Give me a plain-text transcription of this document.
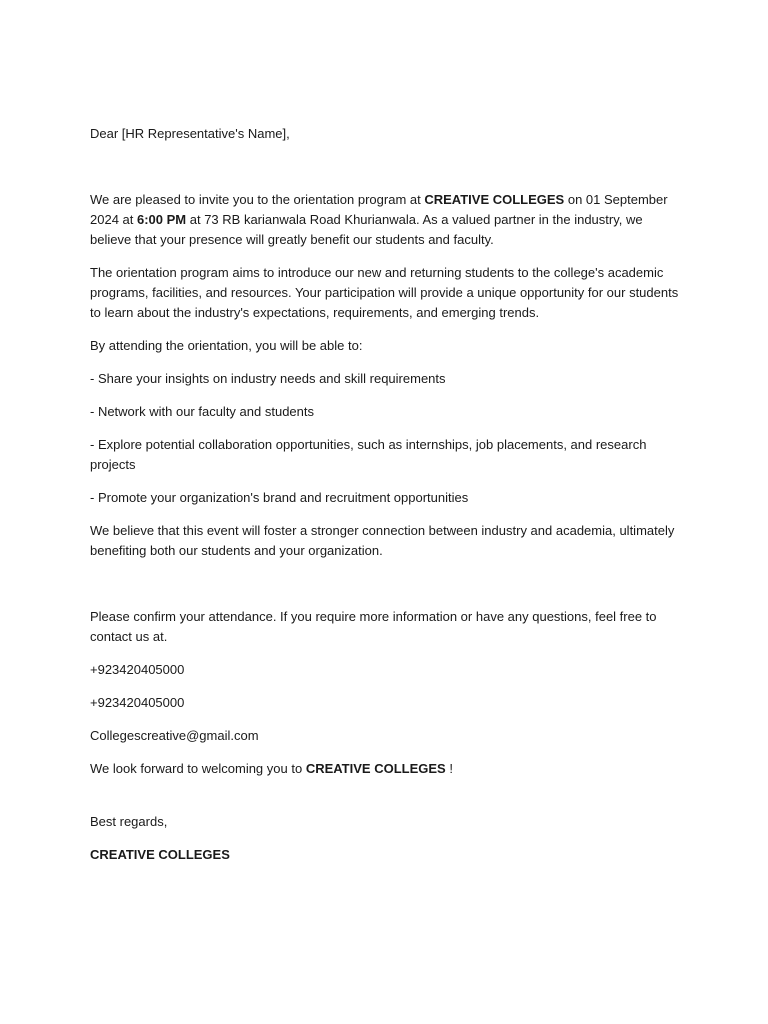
Dear [HR Representative's Name],

We are pleased to invite you to the orientation program at CREATIVE COLLEGES on 01 September 2024 at 6:00 PM at 73 RB karianwala Road Khurianwala. As a valued partner in the industry, we believe that your presence will greatly benefit our students and faculty.

The orientation program aims to introduce our new and returning students to the college's academic programs, facilities, and resources. Your participation will provide a unique opportunity for our students to learn about the industry's expectations, requirements, and emerging trends.

By attending the orientation, you will be able to:

- Share your insights on industry needs and skill requirements

- Network with our faculty and students

- Explore potential collaboration opportunities, such as internships, job placements, and research projects

- Promote your organization's brand and recruitment opportunities

We believe that this event will foster a stronger connection between industry and academia, ultimately benefiting both our students and your organization.

Please confirm your attendance. If you require more information or have any questions, feel free to contact us at.

+923420405000

+923420405000

Collegescreative@gmail.com

We look forward to welcoming you to CREATIVE COLLEGES !

Best regards,

CREATIVE COLLEGES
